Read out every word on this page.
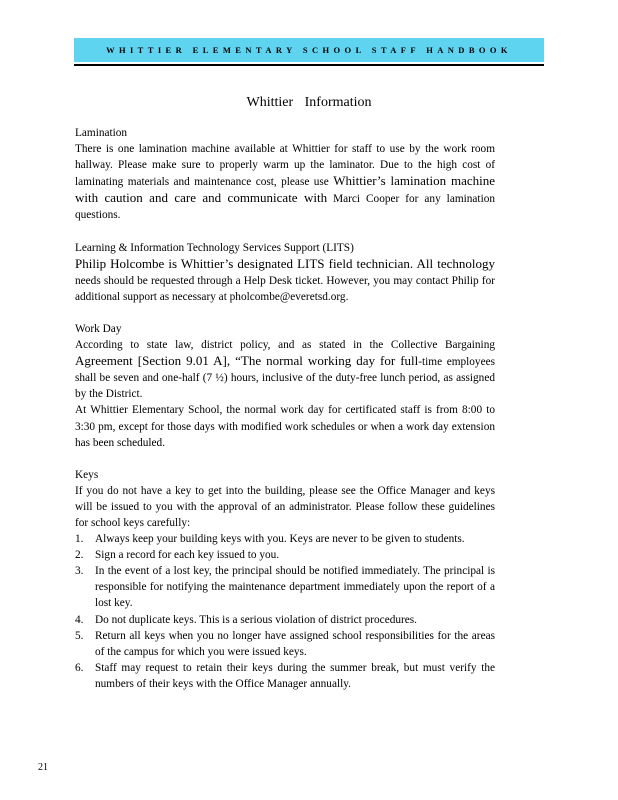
WHITTIER ELEMENTARY SCHOOL STAFF HANDBOOK
Whittier Information

Lamination

There is one lamination machine available at Whittier for staff to use by the work room hallway. Please make sure to properly warm up the laminator. Due to the high cost of laminating materials and maintenance cost, please use Whittier’s lamination machine with caution and care and communicate with Marci Cooper for any lamination questions.

Learning & Information Technology Services Support (LITS)

Philip Holcombe is Whittier’s designated LITS field technician. All technology needs should be requested through a Help Desk ticket. However, you may contact Philip for additional support as necessary at pholcombe@everetsd.org.

Work Day

According to state law, district policy, and as stated in the Collective Bargaining Agreement [Section 9.01 A], “The normal working day for full-time employees shall be seven and one-half (7 ½) hours, inclusive of the duty-free lunch period, as assigned by the District.

At Whittier Elementary School, the normal work day for certificated staff is from 8:00 to 3:30 pm, except for those days with modified work schedules or when a work day extension has been scheduled.

Keys

If you do not have a key to get into the building, please see the Office Manager and keys will be issued to you with the approval of an administrator. Please follow these guidelines for school keys carefully:

1. Always keep your building keys with you. Keys are never to be given to students.
2. Sign a record for each key issued to you.
3. In the event of a lost key, the principal should be notified immediately. The principal is responsible for notifying the maintenance department immediately upon the report of a lost key.
4. Do not duplicate keys. This is a serious violation of district procedures.
5. Return all keys when you no longer have assigned school responsibilities for the areas of the campus for which you were issued keys.
6. Staff may request to retain their keys during the summer break, but must verify the numbers of their keys with the Office Manager annually.
21
